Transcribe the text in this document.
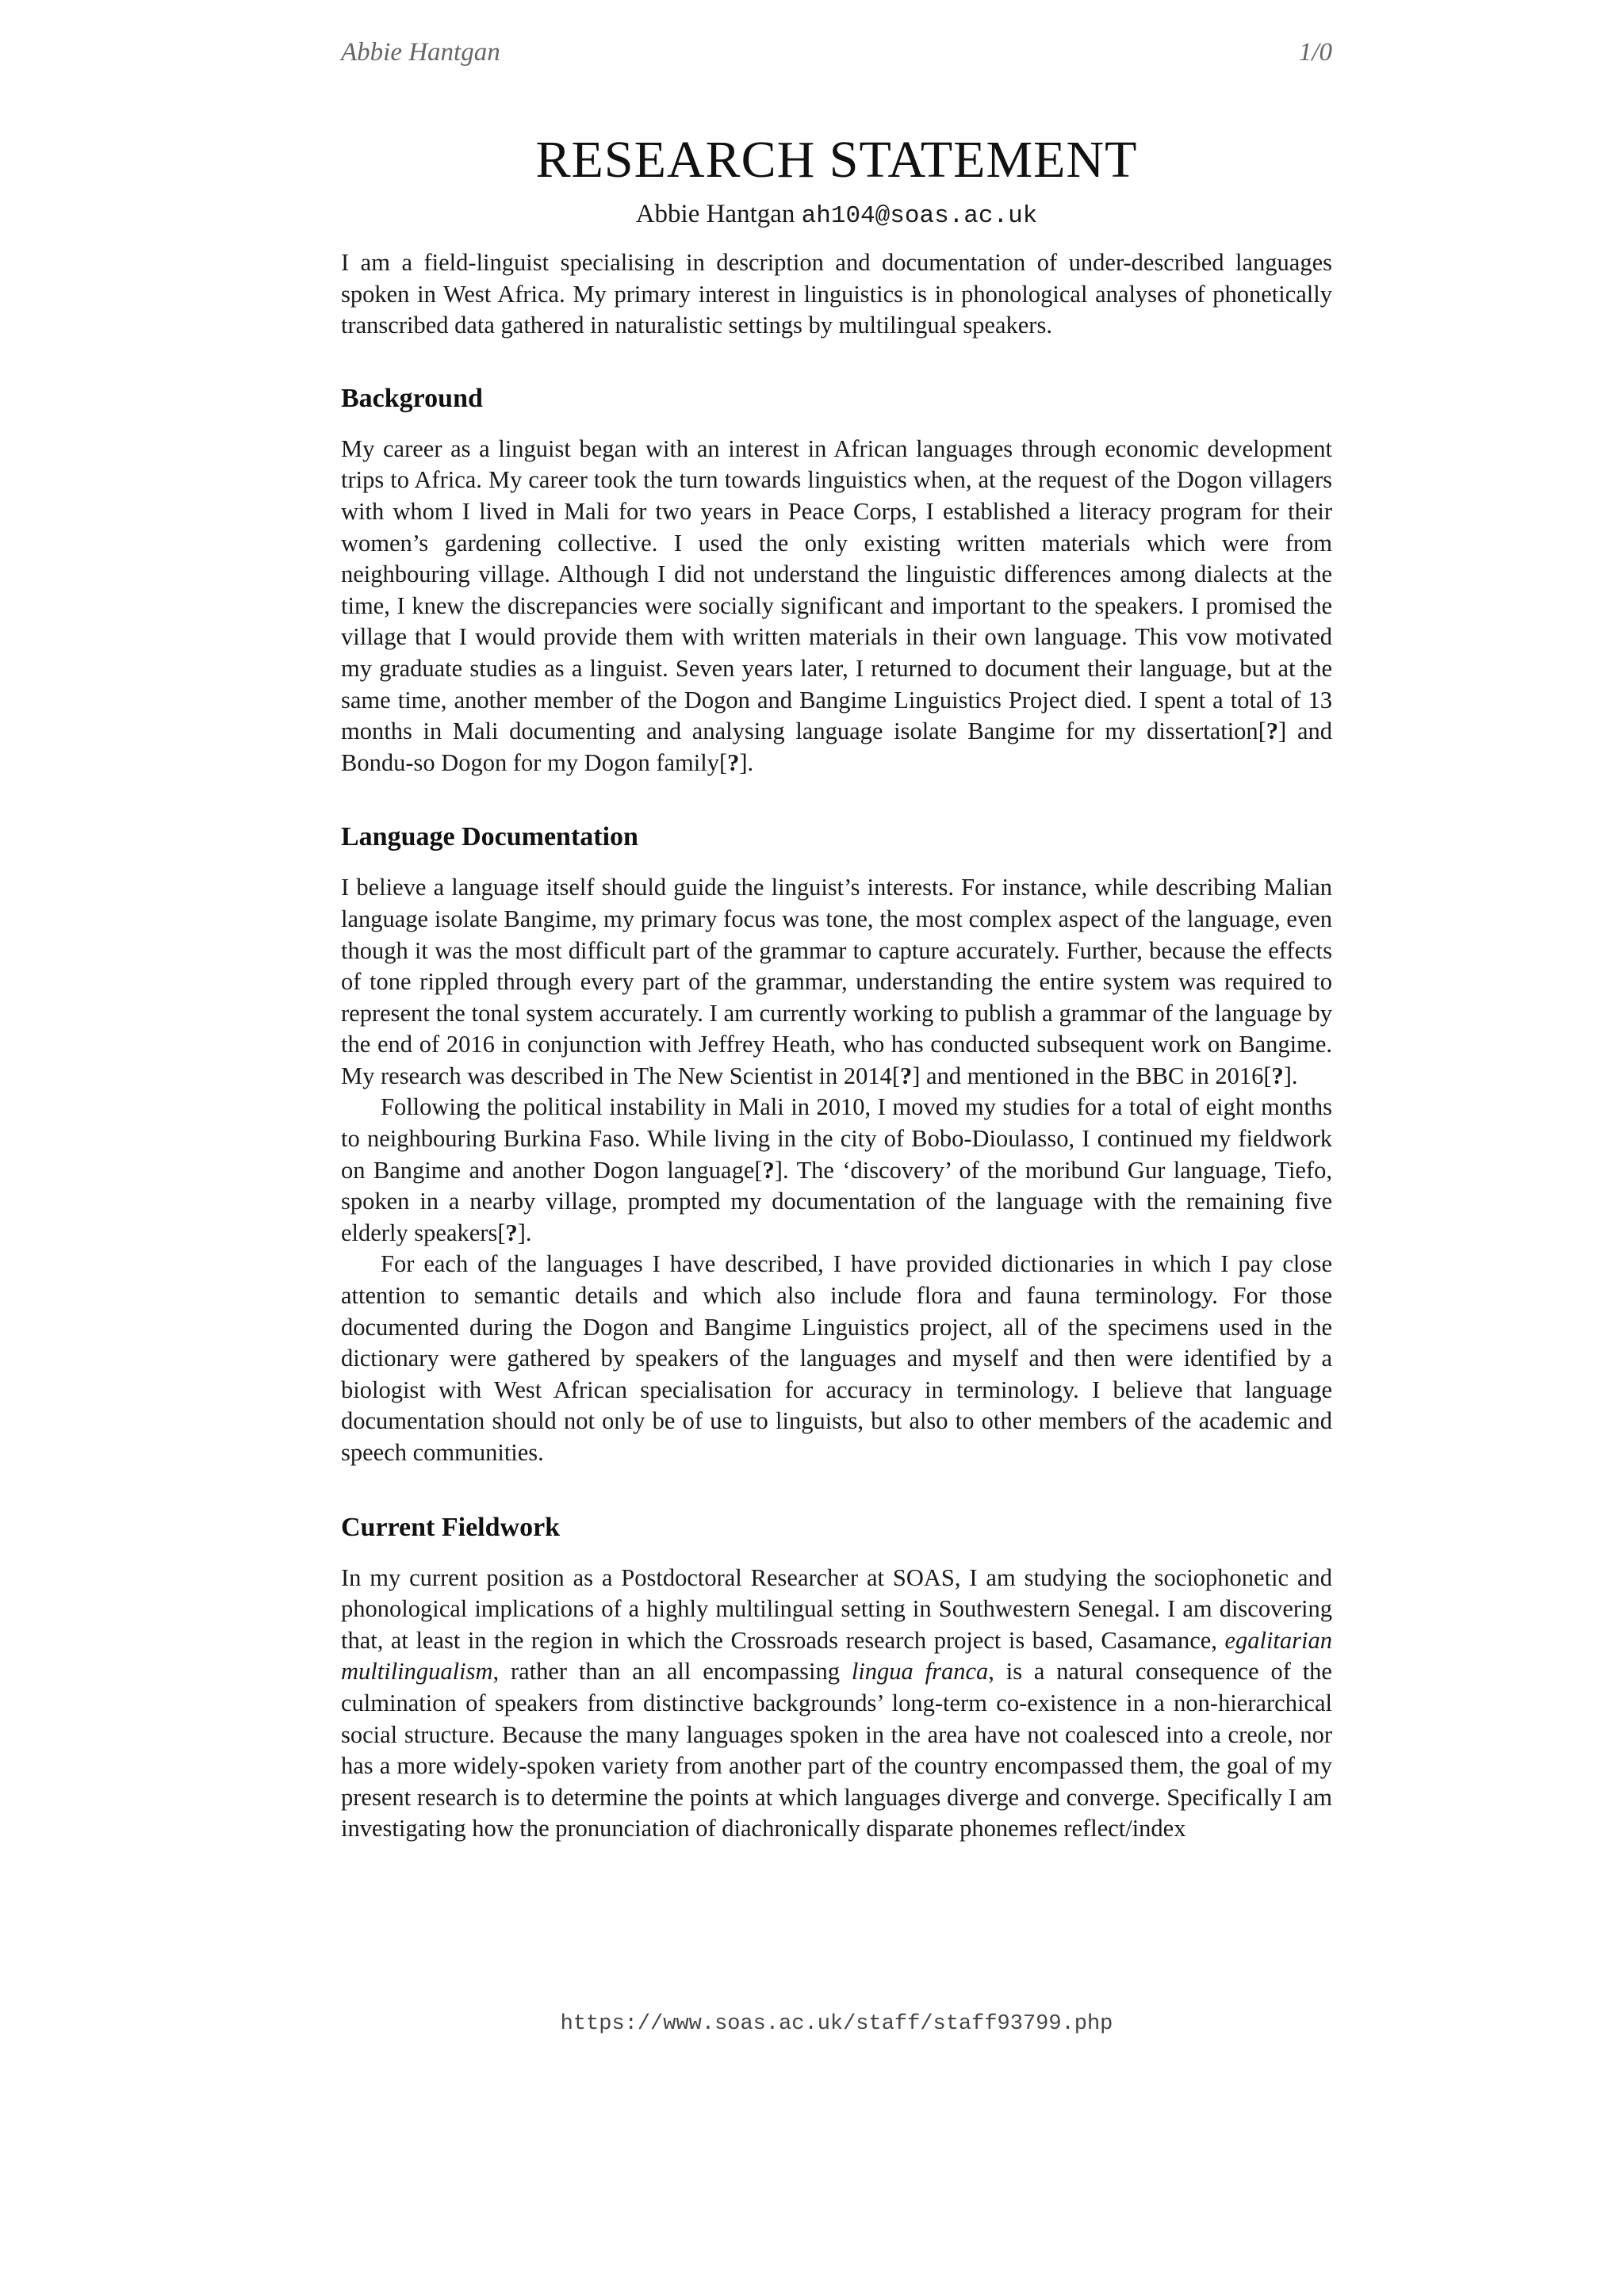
Abbie Hantgan	1/0
RESEARCH STATEMENT
Abbie Hantgan ah104@soas.ac.uk

I am a field-linguist specialising in description and documentation of under-described languages spoken in West Africa. My primary interest in linguistics is in phonological analyses of phonetically transcribed data gathered in naturalistic settings by multilingual speakers.

Background

My career as a linguist began with an interest in African languages through economic development trips to Africa. My career took the turn towards linguistics when, at the request of the Dogon villagers with whom I lived in Mali for two years in Peace Corps, I established a literacy program for their women’s gardening collective. I used the only existing written materials which were from neighbouring village. Although I did not understand the linguistic differences among dialects at the time, I knew the discrepancies were socially significant and important to the speakers. I promised the village that I would provide them with written materials in their own language. This vow motivated my graduate studies as a linguist. Seven years later, I returned to document their language, but at the same time, another member of the Dogon and Bangime Linguistics Project died. I spent a total of 13 months in Mali documenting and analysing language isolate Bangime for my dissertation[?] and Bondu-so Dogon for my Dogon family[?].

Language Documentation

I believe a language itself should guide the linguist’s interests. For instance, while describing Malian language isolate Bangime, my primary focus was tone, the most complex aspect of the language, even though it was the most difficult part of the grammar to capture accurately. Further, because the effects of tone rippled through every part of the grammar, understanding the entire system was required to represent the tonal system accurately. I am currently working to publish a grammar of the language by the end of 2016 in conjunction with Jeffrey Heath, who has conducted subsequent work on Bangime. My research was described in The New Scientist in 2014[?] and mentioned in the BBC in 2016[?].

Following the political instability in Mali in 2010, I moved my studies for a total of eight months to neighbouring Burkina Faso. While living in the city of Bobo-Dioulasso, I continued my fieldwork on Bangime and another Dogon language[?]. The ‘discovery’ of the moribund Gur language, Tiefo, spoken in a nearby village, prompted my documentation of the language with the remaining five elderly speakers[?].

For each of the languages I have described, I have provided dictionaries in which I pay close attention to semantic details and which also include flora and fauna terminology. For those documented during the Dogon and Bangime Linguistics project, all of the specimens used in the dictionary were gathered by speakers of the languages and myself and then were identified by a biologist with West African specialisation for accuracy in terminology. I believe that language documentation should not only be of use to linguists, but also to other members of the academic and speech communities.

Current Fieldwork

In my current position as a Postdoctoral Researcher at SOAS, I am studying the sociophonetic and phonological implications of a highly multilingual setting in Southwestern Senegal. I am discovering that, at least in the region in which the Crossroads research project is based, Casamance, egalitarian multilingualism, rather than an all encompassing lingua franca, is a natural consequence of the culmination of speakers from distinctive backgrounds’ long-term co-existence in a non-hierarchical social structure. Because the many languages spoken in the area have not coalesced into a creole, nor has a more widely-spoken variety from another part of the country encompassed them, the goal of my present research is to determine the points at which languages diverge and converge. Specifically I am investigating how the pronunciation of diachronically disparate phonemes reflect/index

https://www.soas.ac.uk/staff/staff93799.php
